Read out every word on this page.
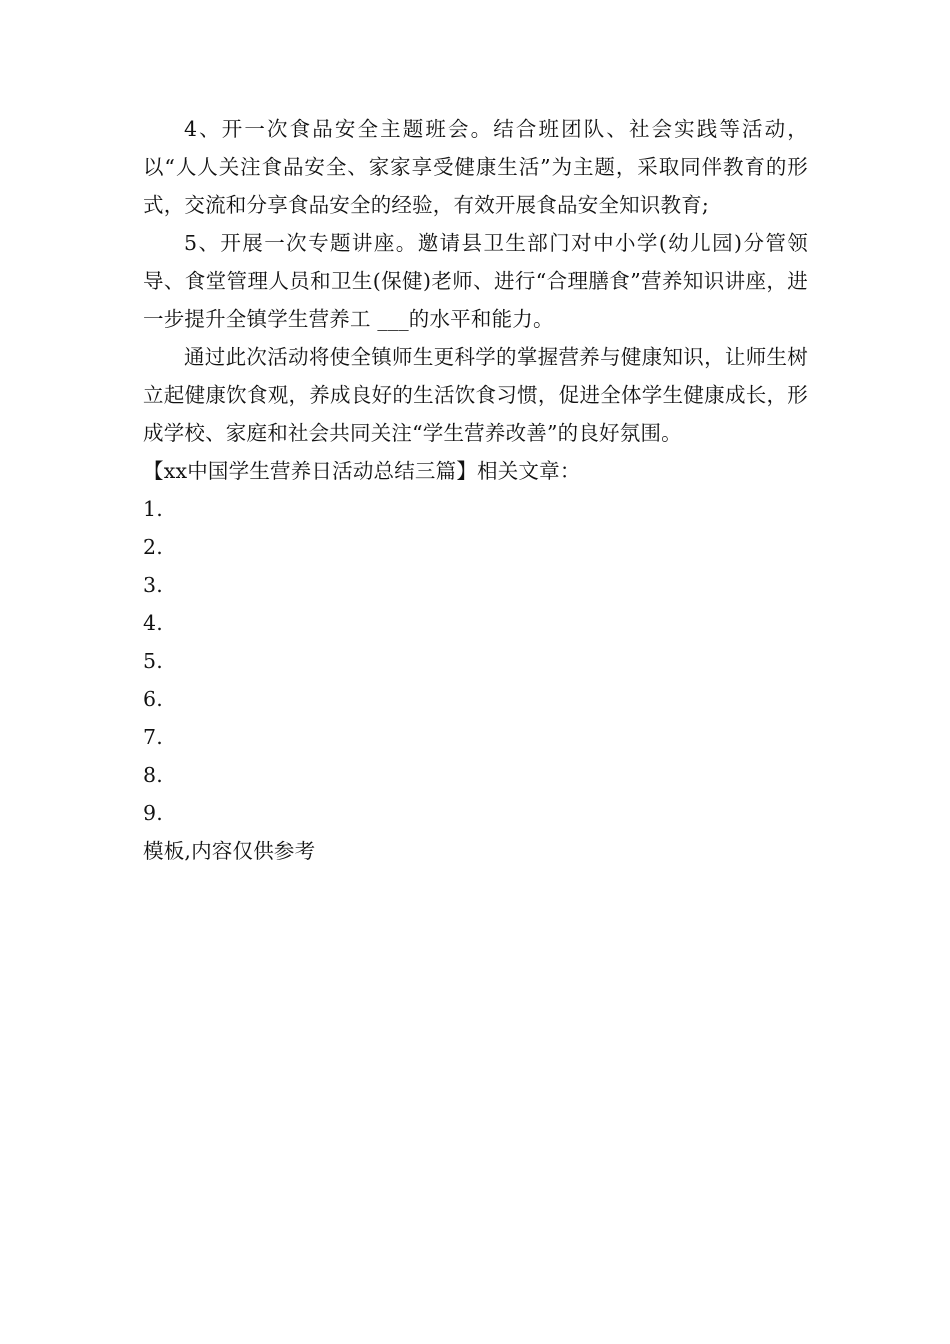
4、开一次食品安全主题班会。结合班团队、社会实践等活动，以“人人关注食品安全、家家享受健康生活”为主题，采取同伴教育的形式，交流和分享食品安全的经验，有效开展食品安全知识教育;

5、开展一次专题讲座。邀请县卫生部门对中小学(幼儿园)分管领导、食堂管理人员和卫生(保健)老师、进行“合理膳食”营养知识讲座，进一步提升全镇学生营养工 ___的水平和能力。

通过此次活动将使全镇师生更科学的掌握营养与健康知识，让师生树立起健康饮食观，养成良好的生活饮食习惯，促进全体学生健康成长，形成学校、家庭和社会共同关注“学生营养改善”的良好氛围。

【xx中国学生营养日活动总结三篇】相关文章：

1.
2.
3.
4.
5.
6.
7.
8.
9.

模板,内容仅供参考
